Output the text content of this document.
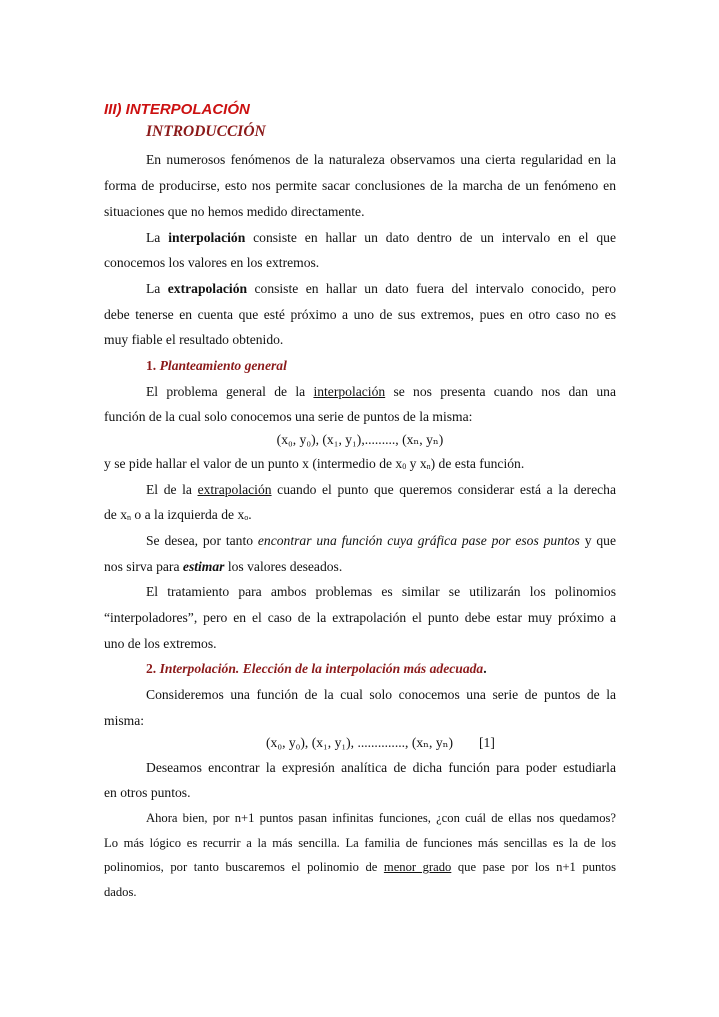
III) INTERPOLACIÓN
INTRODUCCIÓN
En numerosos fenómenos de la naturaleza observamos una cierta regularidad en la
forma de producirse, esto nos permite sacar conclusiones de la marcha de un fenómeno en
situaciones que no hemos medido directamente.
La interpolación consiste en hallar un dato dentro de un intervalo en el que
conocemos los valores en los extremos.
La extrapolación consiste en hallar un dato fuera del intervalo conocido, pero
debe tenerse en cuenta que esté próximo a uno de sus extremos, pues en otro caso no es
muy fiable el resultado obtenido.
1. Planteamiento general
El problema general de la interpolación se nos presenta cuando nos dan una
función de la cual solo conocemos una serie de puntos de la misma:
(x₀, y₀), (x₁, y₁),........., (xₙ, yₙ)
y se pide hallar el valor de un punto x (intermedio de $x_0$ y $x_n$) de esta función.
El de la extrapolación cuando el punto que queremos considerar está a la derecha
de $x_n$ o a la izquierda de $x_o$.
Se desea, por tanto encontrar una función cuya gráfica pase por esos puntos y que
nos sirva para estimar los valores deseados.
El tratamiento para ambos problemas es similar se utilizarán los polinomios
“interpoladores”, pero en el caso de la extrapolación el punto debe estar muy próximo a
uno de los extremos.
2. Interpolación. Elección de la interpolación más adecuada.
Consideremos una función de la cual solo conocemos una serie de puntos de la
misma:
(x₀, y₀), (x₁, y₁), .............., (xₙ, yₙ)	[1]
Deseamos encontrar la expresión analítica de dicha función para poder estudiarla
en otros puntos.
Ahora bien, por n+1 puntos pasan infinitas funciones, ¿con cuál de ellas nos quedamos?
Lo más lógico es recurrir a la más sencilla. La familia de funciones más sencillas es la de los
polinomios, por tanto buscaremos el polinomio de menor grado que pase por los n+1 puntos
dados.
